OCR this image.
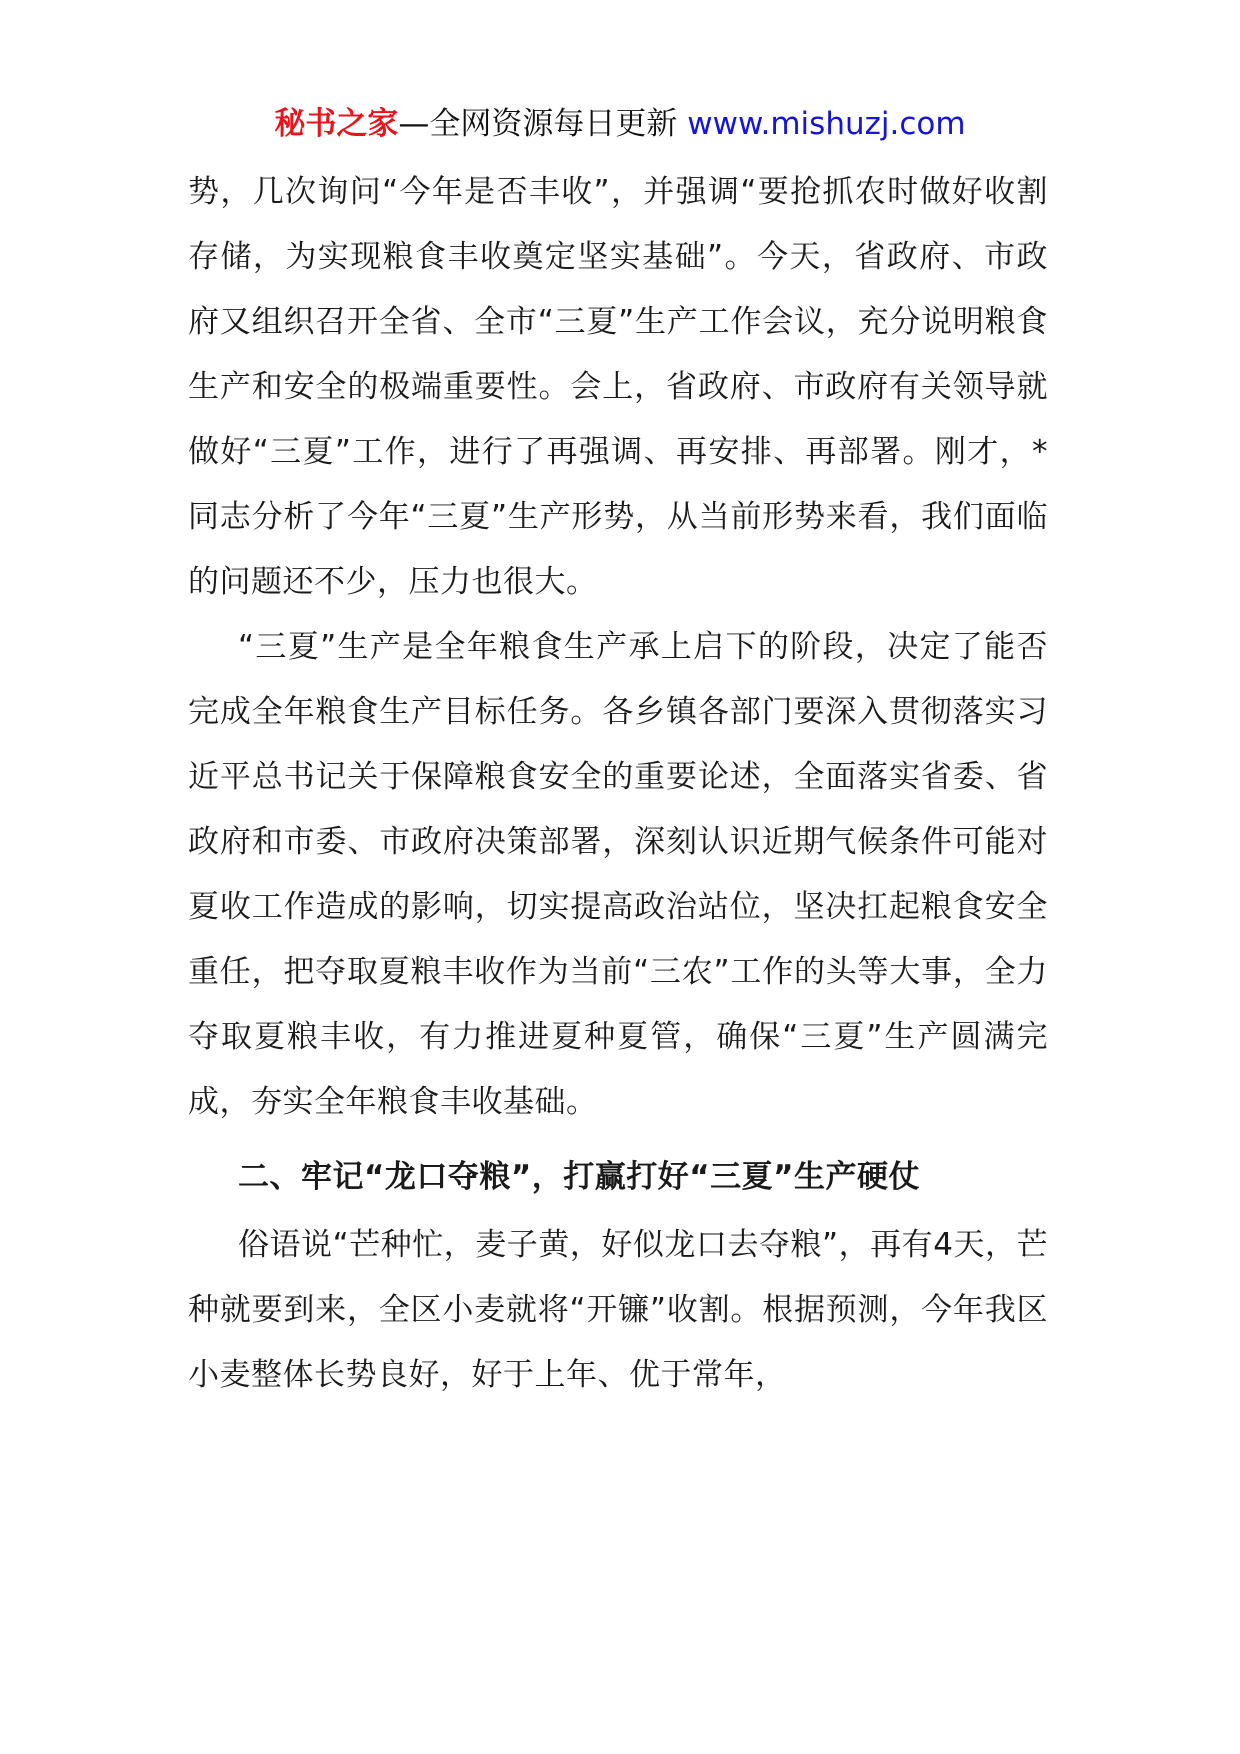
秘书之家—全网资源每日更新 www.mishuzj.com

势，几次询问“今年是否丰收”，并强调“要抢抓农时做好收割存储，为实现粮食丰收奠定坚实基础”。今天，省政府、市政府又组织召开全省、全市“三夏”生产工作会议，充分说明粮食生产和安全的极端重要性。会上，省政府、市政府有关领导就做好“三夏”工作，进行了再强调、再安排、再部署。刚才，*同志分析了今年“三夏”生产形势，从当前形势来看，我们面临的问题还不少，压力也很大。

“三夏”生产是全年粮食生产承上启下的阶段，决定了能否完成全年粮食生产目标任务。各乡镇各部门要深入贯彻落实习近平总书记关于保障粮食安全的重要论述，全面落实省委、省政府和市委、市政府决策部署，深刻认识近期气候条件可能对夏收工作造成的影响，切实提高政治站位，坚决扛起粮食安全重任，把夺取夏粮丰收作为当前“三农”工作的头等大事，全力夺取夏粮丰收，有力推进夏种夏管，确保“三夏”生产圆满完成，夯实全年粮食丰收基础。

二、牢记“龙口夺粮”，打赢打好“三夏”生产硬仗

俗语说“芒种忙，麦子黄，好似龙口去夺粮”，再有4天，芒种就要到来，全区小麦就将“开镰”收割。根据预测，今年我区小麦整体长势良好，好于上年、优于常年，
